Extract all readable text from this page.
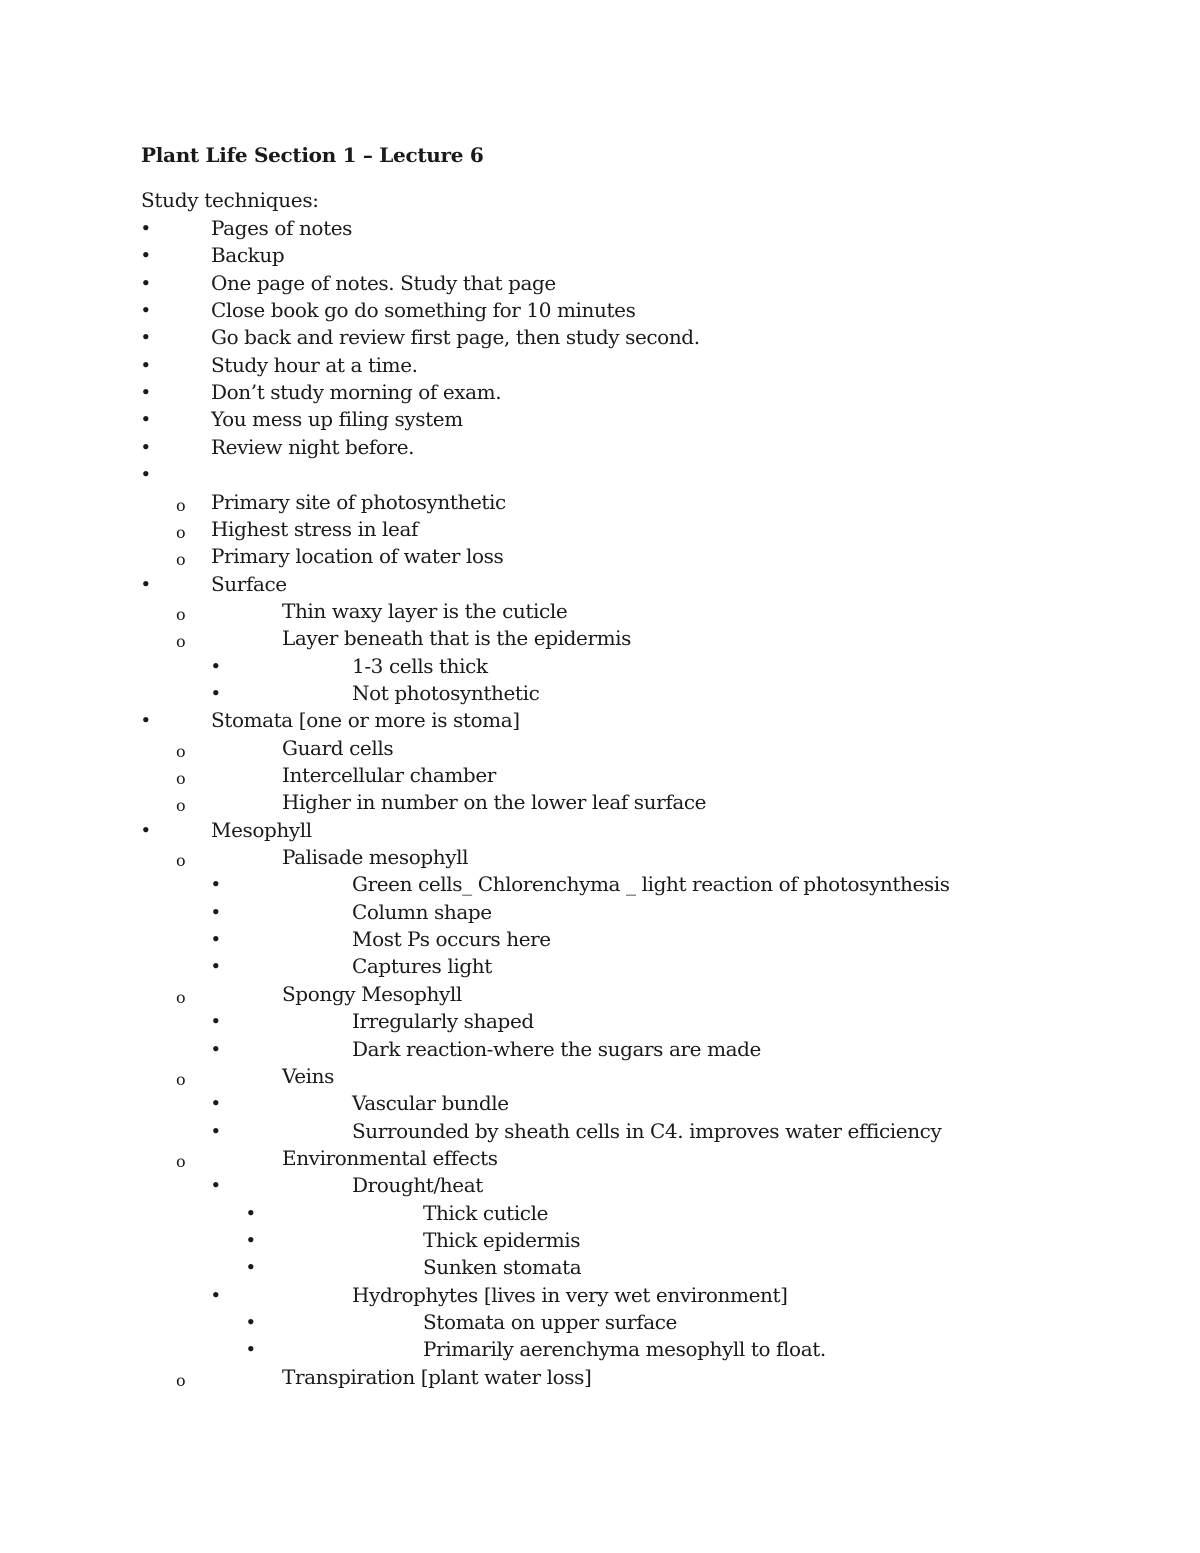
Plant Life Section 1 – Lecture 6
Study techniques:
•	Pages of notes
•	Backup
•	One page of notes. Study that page
•	Close book go do something for 10 minutes
•	Go back and review first page, then study second.
•	Study hour at a time.
•	Don’t study morning of exam.
•	You mess up filing system
•	Review night before.
•
o Primary site of photosynthetic
o Highest stress in leaf
o Primary location of water loss
•	Surface
o	Thin waxy layer is the cuticle
o	Layer beneath that is the epidermis
•	1-3 cells thick
•	Not photosynthetic
•	Stomata [one or more is stoma]
o	Guard cells
o	Intercellular chamber
o	Higher in number on the lower leaf surface
•	Mesophyll
o	Palisade mesophyll
•	Green cells_ Chlorenchyma _ light reaction of photosynthesis
•	Column shape
•	Most Ps occurs here
•	Captures light
o	Spongy Mesophyll
•	Irregularly shaped
•	Dark reaction-where the sugars are made
o	Veins
•	Vascular bundle
•	Surrounded by sheath cells in C4. improves water efficiency
o	Environmental effects
•	Drought/heat
•	Thick cuticle
•	Thick epidermis
•	Sunken stomata
•	Hydrophytes [lives in very wet environment]
•	Stomata on upper surface
•	Primarily aerenchyma mesophyll to float.
o	Transpiration [plant water loss]
